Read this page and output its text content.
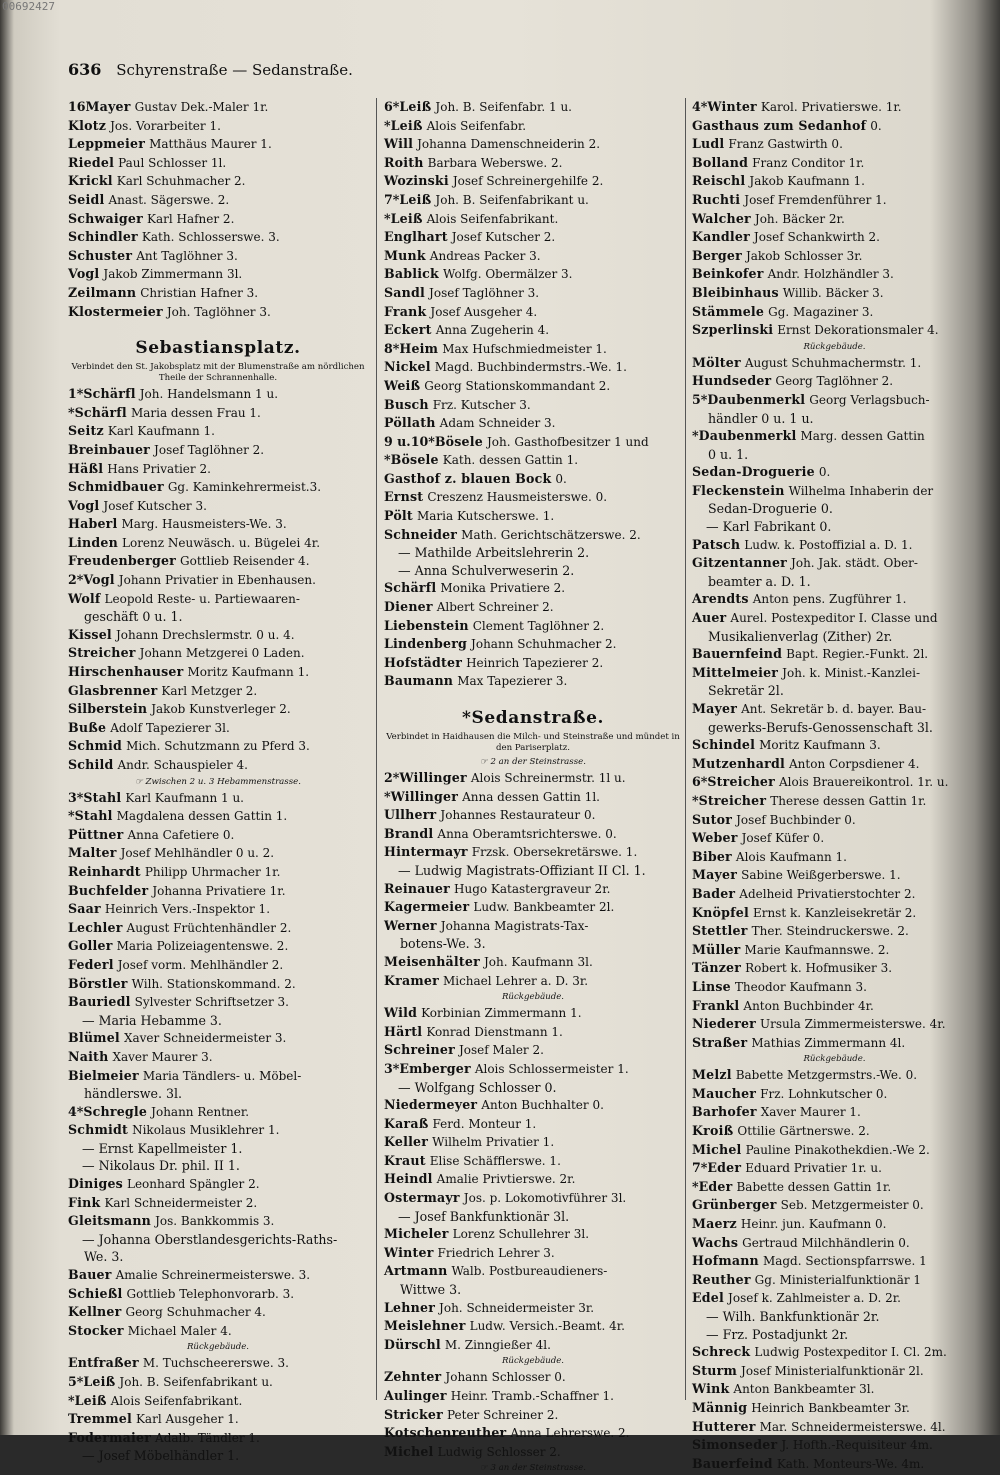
00692427
636 Schyrenstraße — Sedanstraße.
16Mayer Gustav Dek.-Maler 1r.
Klotz Jos. Vorarbeiter 1.
Leppmeier Matthäus Maurer 1.
Riedel Paul Schlosser 1l.
Krickl Karl Schuhmacher 2.
Seidl Anast. Sägerswe. 2.
Schwaiger Karl Hafner 2.
Schindler Kath. Schlosserswe. 3.
Schuster Ant Taglöhner 3.
Vogl Jakob Zimmermann 3l.
Zeilmann Christian Hafner 3.
Klostermeier Joh. Taglöhner 3.
Sebastiansplatz.
Verbindet den St. Jakobsplatz mit der Blumenstraße am nördlichen Theile der Schrannenhalle.
1*Schärfl Joh. Handelsmann 1 u.
*Schärfl Maria dessen Frau 1.
Seitz Karl Kaufmann 1.
Breinbauer Josef Taglöhner 2.
Häßl Hans Privatier 2.
Schmidbauer Gg. Kaminkehrermeist.3.
Vogl Josef Kutscher 3.
Haberl Marg. Hausmeisters-We. 3.
Linden Lorenz Neuwäsch. u. Bügelei 4r.
Freudenberger Gottlieb Reisender 4.
2*Vogl Johann Privatier in Ebenhausen.
Wolf Leopold Reste- u. Partiewaaren-
geschäft 0 u. 1.
Kissel Johann Drechslermstr. 0 u. 4.
Streicher Johann Metzgerei 0 Laden.
Hirschenhauser Moritz Kaufmann 1.
Glasbrenner Karl Metzger 2.
Silberstein Jakob Kunstverleger 2.
Buße Adolf Tapezierer 3l.
Schmid Mich. Schutzmann zu Pferd 3.
Schild Andr. Schauspieler 4.
☞ Zwischen 2 u. 3 Hebammenstrasse.
3*Stahl Karl Kaufmann 1 u.
*Stahl Magdalena dessen Gattin 1.
Püttner Anna Cafetiere 0.
Malter Josef Mehlhändler 0 u. 2.
Reinhardt Philipp Uhrmacher 1r.
Buchfelder Johanna Privatiere 1r.
Saar Heinrich Vers.-Inspektor 1.
Lechler August Früchtenhändler 2.
Goller Maria Polizeiagentenswe. 2.
Federl Josef vorm. Mehlhändler 2.
Börstler Wilh. Stationskommand. 2.
Bauriedl Sylvester Schriftsetzer 3.
— Maria Hebamme 3.
Blümel Xaver Schneidermeister 3.
Naith Xaver Maurer 3.
Bielmeier Maria Tändlers- u. Möbel-
händlerswe. 3l.
4*Schregle Johann Rentner.
Schmidt Nikolaus Musiklehrer 1.
— Ernst Kapellmeister 1.
— Nikolaus Dr. phil. II 1.
Diniges Leonhard Spängler 2.
Fink Karl Schneidermeister 2.
Gleitsmann Jos. Bankkommis 3.
— Johanna Oberstlandesgerichts-Raths-
We. 3.
Bauer Amalie Schreinermeisterswe. 3.
Schießl Gottlieb Telephonvorarb. 3.
Kellner Georg Schuhmacher 4.
Stocker Michael Maler 4.
Rückgebäude.
Entfraßer M. Tuchscheererswe. 3.
5*Leiß Joh. B. Seifenfabrikant u.
*Leiß Alois Seifenfabrikant.
Tremmel Karl Ausgeher 1.
Fodermaier Adalb. Tändler 1.
— Josef Möbelhändler 1.
6*Leiß Joh. B. Seifenfabr. 1 u.
*Leiß Alois Seifenfabr.
Will Johanna Damenschneiderin 2.
Roith Barbara Weberswe. 2.
Wozinski Josef Schreinergehilfe 2.
7*Leiß Joh. B. Seifenfabrikant u.
*Leiß Alois Seifenfabrikant.
Englhart Josef Kutscher 2.
Munk Andreas Packer 3.
Bablick Wolfg. Obermälzer 3.
Sandl Josef Taglöhner 3.
Frank Josef Ausgeher 4.
Eckert Anna Zugeherin 4.
8*Heim Max Hufschmiedmeister 1.
Nickel Magd. Buchbindermstrs.-We. 1.
Weiß Georg Stationskommandant 2.
Busch Frz. Kutscher 3.
Pöllath Adam Schneider 3.
9 u.10*Bösele Joh. Gasthofbesitzer 1 und
*Bösele Kath. dessen Gattin 1.
Gasthof z. blauen Bock 0.
Ernst Creszenz Hausmeisterswe. 0.
Pölt Maria Kutscherswe. 1.
Schneider Math. Gerichtschätzerswe. 2.
— Mathilde Arbeitslehrerin 2.
— Anna Schulverweserin 2.
Schärfl Monika Privatiere 2.
Diener Albert Schreiner 2.
Liebenstein Clement Taglöhner 2.
Lindenberg Johann Schuhmacher 2.
Hofstädter Heinrich Tapezierer 2.
Baumann Max Tapezierer 3.
*Sedanstraße.
Verbindet in Haidhausen die Milch- und Steinstraße und mündet in den Pariserplatz.
☞ 2 an der Steinstrasse.
2*Willinger Alois Schreinermstr. 1l u.
*Willinger Anna dessen Gattin 1l.
Ullherr Johannes Restaurateur 0.
Brandl Anna Oberamtsrichterswe. 0.
Hintermayr Frzsk. Obersekretärswe. 1.
— Ludwig Magistrats-Offiziant II Cl. 1.
Reinauer Hugo Katastergraveur 2r.
Kagermeier Ludw. Bankbeamter 2l.
Werner Johanna Magistrats-Tax-
botens-We. 3.
Meisenhälter Joh. Kaufmann 3l.
Kramer Michael Lehrer a. D. 3r.
Rückgebäude.
Wild Korbinian Zimmermann 1.
Härtl Konrad Dienstmann 1.
Schreiner Josef Maler 2.
3*Emberger Alois Schlossermeister 1.
— Wolfgang Schlosser 0.
Niedermeyer Anton Buchhalter 0.
Karaß Ferd. Monteur 1.
Keller Wilhelm Privatier 1.
Kraut Elise Schäfflerswe. 1.
Heindl Amalie Privtierswe. 2r.
Ostermayr Jos. p. Lokomotivführer 3l.
— Josef Bankfunktionär 3l.
Micheler Lorenz Schullehrer 3l.
Winter Friedrich Lehrer 3.
Artmann Walb. Postbureaudieners-
Wittwe 3.
Lehner Joh. Schneidermeister 3r.
Meislehner Ludw. Versich.-Beamt. 4r.
Dürschl M. Zinngießer 4l.
Rückgebäude.
Zehnter Johann Schlosser 0.
Aulinger Heinr. Tramb.-Schaffner 1.
Stricker Peter Schreiner 2.
Kotschenreuther Anna Lehrerswe. 2.
Michel Ludwig Schlosser 2.
☞ 3 an der Steinstrasse.
4*Winter Karol. Privatierswe. 1r.
Gasthaus zum Sedanhof 0.
Ludl Franz Gastwirth 0.
Bolland Franz Conditor 1r.
Reischl Jakob Kaufmann 1.
Ruchti Josef Fremdenführer 1.
Walcher Joh. Bäcker 2r.
Kandler Josef Schankwirth 2.
Berger Jakob Schlosser 3r.
Beinkofer Andr. Holzhändler 3.
Bleibinhaus Willib. Bäcker 3.
Stämmele Gg. Magaziner 3.
Szperlinski Ernst Dekorationsmaler 4.
Rückgebäude.
Mölter August Schuhmachermstr. 1.
Hundseder Georg Taglöhner 2.
5*Daubenmerkl Georg Verlagsbuch-
händler 0 u. 1 u.
*Daubenmerkl Marg. dessen Gattin
0 u. 1.
Sedan-Droguerie 0.
Fleckenstein Wilhelma Inhaberin der
Sedan-Droguerie 0.
— Karl Fabrikant 0.
Patsch Ludw. k. Postoffizial a. D. 1.
Gitzentanner Joh. Jak. städt. Ober-
beamter a. D. 1.
Arendts Anton pens. Zugführer 1.
Auer Aurel. Postexpeditor I. Classe und
Musikalienverlag (Zither) 2r.
Bauernfeind Bapt. Regier.-Funkt. 2l.
Mittelmeier Joh. k. Minist.-Kanzlei-
Sekretär 2l.
Mayer Ant. Sekretär b. d. bayer. Bau-
gewerks-Berufs-Genossenschaft 3l.
Schindel Moritz Kaufmann 3.
Mutzenhardl Anton Corpsdiener 4.
6*Streicher Alois Brauereikontrol. 1r. u.
*Streicher Therese dessen Gattin 1r.
Sutor Josef Buchbinder 0.
Weber Josef Küfer 0.
Biber Alois Kaufmann 1.
Mayer Sabine Weißgerberswe. 1.
Bader Adelheid Privatierstochter 2.
Knöpfel Ernst k. Kanzleisekretär 2.
Stettler Ther. Steindruckerswe. 2.
Müller Marie Kaufmannswe. 2.
Tänzer Robert k. Hofmusiker 3.
Linse Theodor Kaufmann 3.
Frankl Anton Buchbinder 4r.
Niederer Ursula Zimmermeisterswe. 4r.
Straßer Mathias Zimmermann 4l.
Rückgebäude.
Melzl Babette Metzgermstrs.-We. 0.
Maucher Frz. Lohnkutscher 0.
Barhofer Xaver Maurer 1.
Kroiß Ottilie Gärtnerswe. 2.
Michel Pauline Pinakothekdien.-We 2.
7*Eder Eduard Privatier 1r. u.
*Eder Babette dessen Gattin 1r.
Grünberger Seb. Metzgermeister 0.
Maerz Heinr. jun. Kaufmann 0.
Wachs Gertraud Milchhändlerin 0.
Hofmann Magd. Sectionspfarrswe. 1
Reuther Gg. Ministerialfunktionär 1
Edel Josef k. Zahlmeister a. D. 2r.
— Wilh. Bankfunktionär 2r.
— Frz. Postadjunkt 2r.
Schreck Ludwig Postexpeditor I. Cl. 2m.
Sturm Josef Ministerialfunktionär 2l.
Wink Anton Bankbeamter 3l.
Männig Heinrich Bankbeamter 3r.
Hutterer Mar. Schneidermeisterswe. 4l.
Simonseder J. Hofth.-Requisiteur 4m.
Bauerfeind Kath. Monteurs-We. 4m.
